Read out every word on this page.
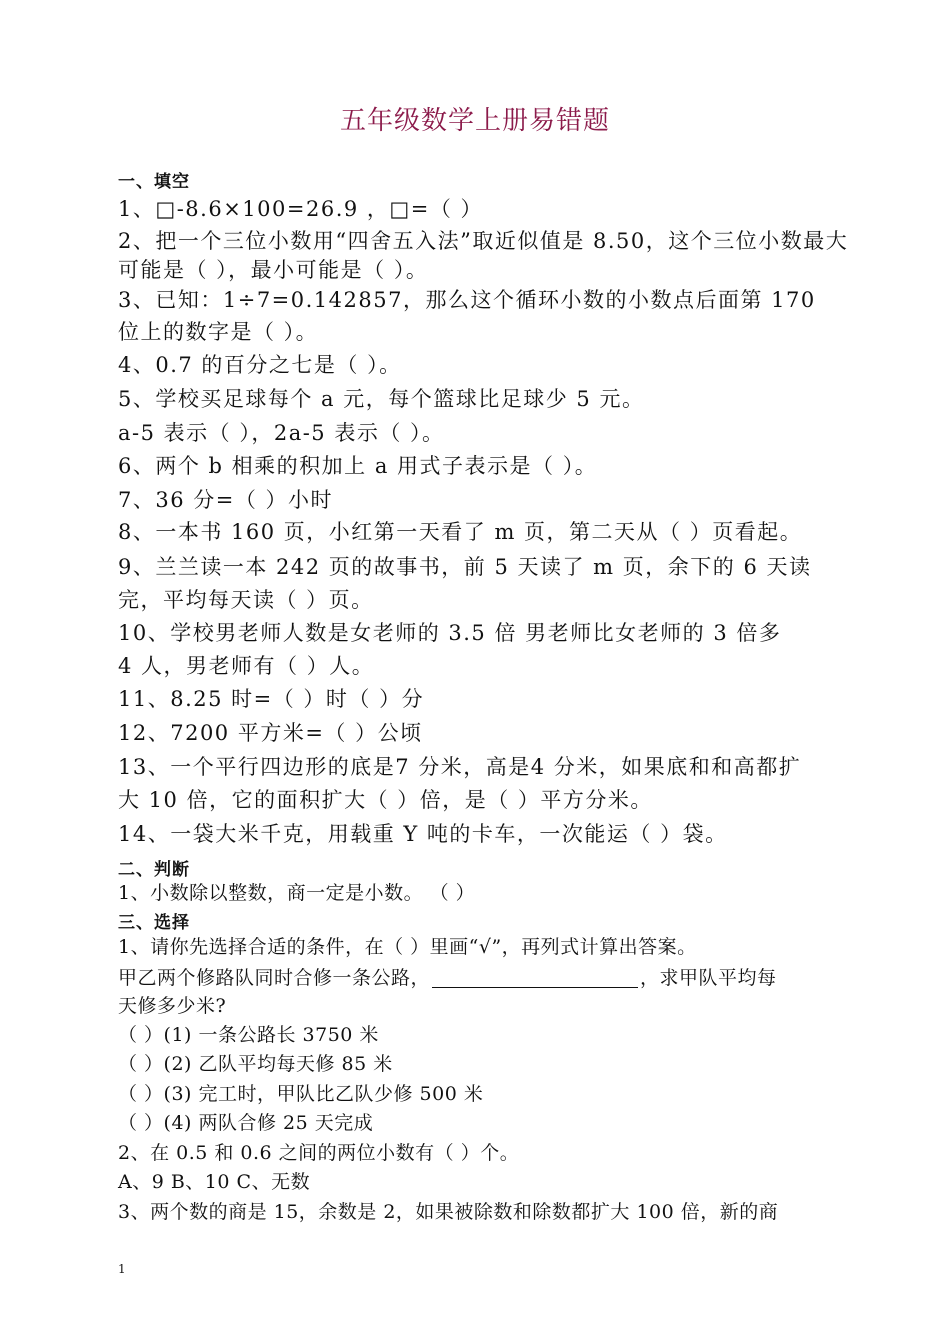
五年级数学上册易错题
一、填空
1、□-8.6×100=26.9 ，□=（ ）
2、把一个三位小数用“四舍五入法”取近似值是 8.50，这个三位小数最大
可能是（ ），最小可能是（ ）。
3、已知：1÷7=0.142857，那么这个循环小数的小数点后面第 170
位上的数字是（ ）。
4、0.7 的百分之七是（ ）。
5、学校买足球每个 a 元，每个篮球比足球少 5 元。
a-5 表示（ ），2a-5 表示（ ）。
6、两个 b 相乘的积加上 a 用式子表示是（ ）。
7、36 分=（ ）小时
8、一本书 160 页，小红第一天看了 m 页，第二天从（ ）页看起。
9、兰兰读一本 242 页的故事书，前 5 天读了 m 页，余下的 6 天读
完，平均每天读（ ）页。
10、学校男老师人数是女老师的 3.5 倍 男老师比女老师的 3 倍多
4 人，男老师有（ ）人。
11、8.25 时=（ ）时（ ）分
12、7200 平方米=（ ）公顷
13、一个平行四边形的底是7 分米，高是4 分米，如果底和和高都扩
大 10 倍，它的面积扩大（ ）倍，是（ ）平方分米。
14、一袋大米千克，用载重 Y 吨的卡车，一次能运（ ）袋。
二、判断
1、小数除以整数，商一定是小数。 （ ）
三、选择
1、请你先选择合适的条件，在（ ）里画“√”，再列式计算出答案。
甲乙两个修路队同时合修一条公路，	，求甲队平均每
天修多少米?
（ ）(1) 一条公路长 3750 米
（ ）(2) 乙队平均每天修 85 米
（ ）(3) 完工时，甲队比乙队少修 500 米
（ ）(4) 两队合修 25 天完成
2、在 0.5 和 0.6 之间的两位小数有（ ）个。
A、9 B、10 C、无数
3、两个数的商是 15，余数是 2，如果被除数和除数都扩大 100 倍，新的商
1
